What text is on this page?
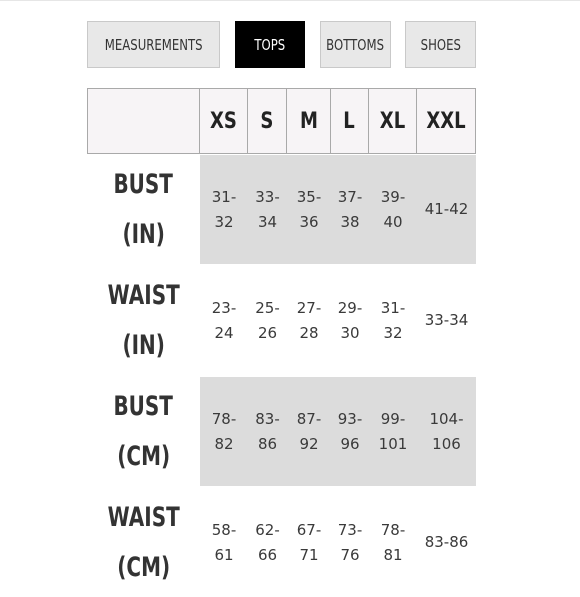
MEASUREMENTS	TOPS	BOTTOMS SHOES
XS S M L XL XXL
BUST
(IN)
31-
32
33-
34
35-
36
37-
38
39-
40
41-42
WAIST
(IN)
23-
24
25-
26
27-
28
29-
30
31-
32
33-34
BUST
(CM)
78-
82
83-
86
87-
92
93-
96
99-
101
104-
106
WAIST
(CM)
58-
61
62-
66
67-
71
73-
76
78-
81
83-86
